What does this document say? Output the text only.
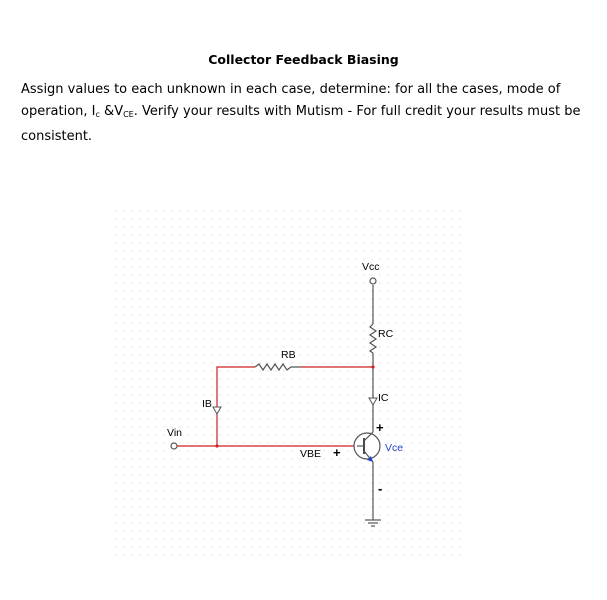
Collector Feedback Biasing
Assign values to each unknown in each case, determine: for all the cases, mode of operation, $I_c$ $\&V_{CE}$. Verify your results with Mutism - For full credit your results must be consistent.
Vcc
RC
RB
IC
IB
Vin	+
Vce
-
VBE +
